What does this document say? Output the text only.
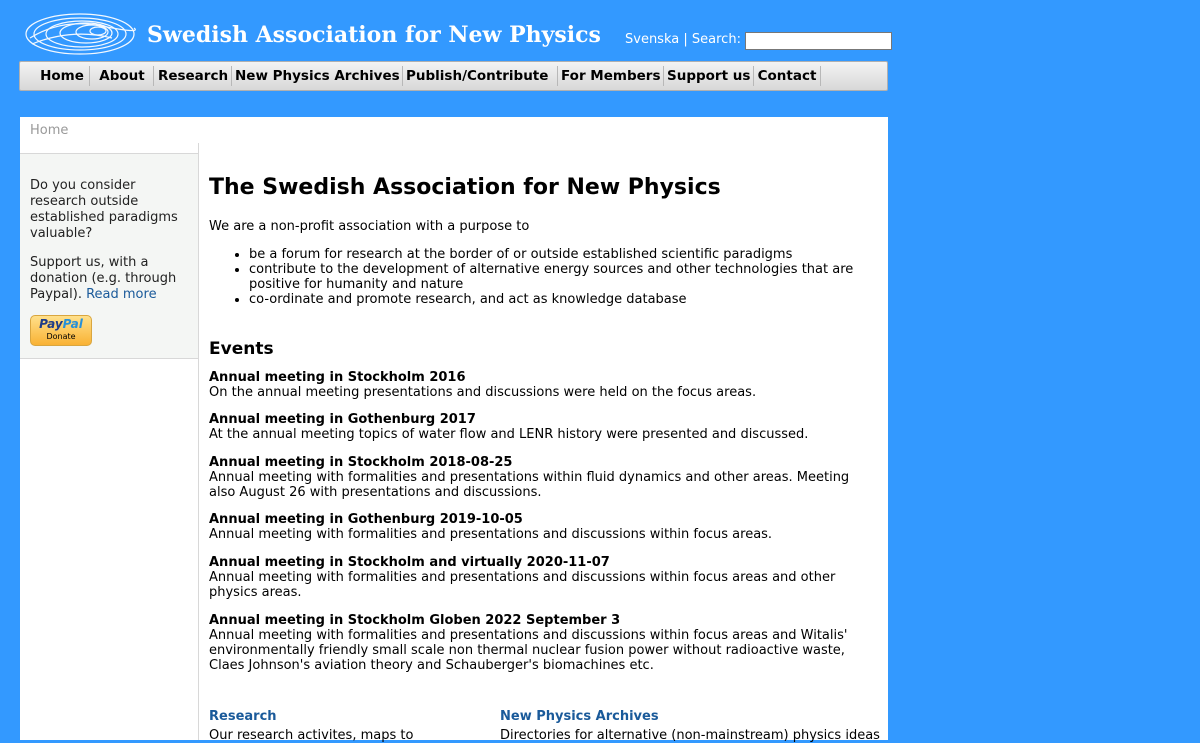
Swedish Association for New Physics Svenska | Search:
Home	About Research New Physics Archives Publish/Contribute For Members Support us Contact
Home

Do you consider research outside established paradigms valuable?

Support us, with a donation (e.g. through Paypal). Read more

PayPal
Donate
The Swedish Association for New Physics
We are a non-profit association with a purpose to
• be a forum for research at the border of or outside established scientific paradigms
• contribute to the development of alternative energy sources and other technologies that are positive for humanity and nature
• co-ordinate and promote research, and act as knowledge database
Events
Annual meeting in Stockholm 2016
On the annual meeting presentations and discussions were held on the focus areas.
Annual meeting in Gothenburg 2017
At the annual meeting topics of water flow and LENR history were presented and discussed.
Annual meeting in Stockholm 2018-08-25
Annual meeting with formalities and presentations within fluid dynamics and other areas. Meeting also August 26 with presentations and discussions.
Annual meeting in Gothenburg 2019-10-05
Annual meeting with formalities and presentations and discussions within focus areas.
Annual meeting in Stockholm and virtually 2020-11-07
Annual meeting with formalities and presentations and discussions within focus areas and other physics areas.
Annual meeting in Stockholm Globen 2022 September 3
Annual meeting with formalities and presentations and discussions within focus areas and Witalis' environmentally friendly small scale non thermal nuclear fusion power without radioactive waste, Claes Johnson's aviation theory and Schauberger's biomachines etc.
Research
Our research activites, maps to
New Physics Archives
Directories for alternative (non-mainstream) physics ideas
